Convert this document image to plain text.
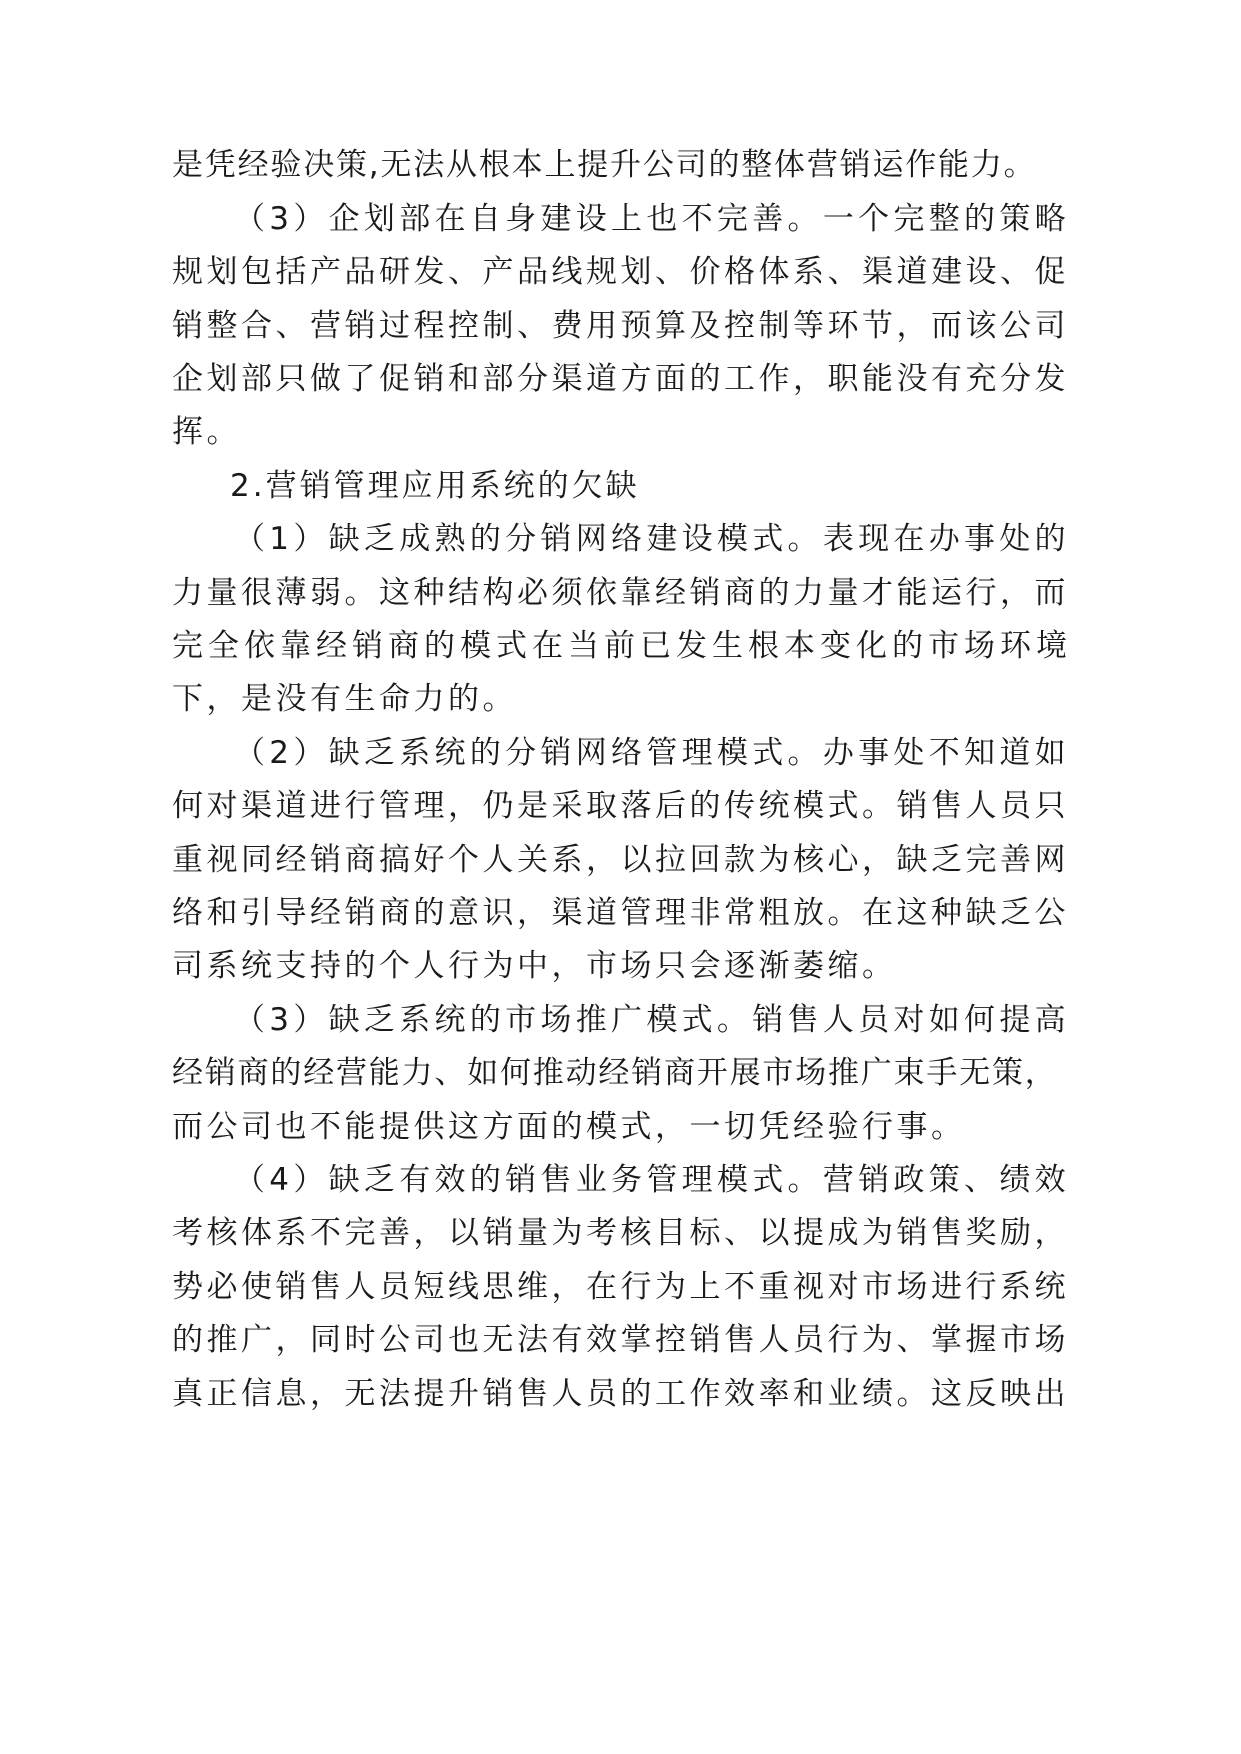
是凭经验决策,无法从根本上提升公司的整体营销运作能力。

（3）企划部在自身建设上也不完善。一个完整的策略

规划包括产品研发、产品线规划、价格体系、渠道建设、促

销整合、营销过程控制、费用预算及控制等环节，而该公司

企划部只做了促销和部分渠道方面的工作，职能没有充分发

挥。

2.营销管理应用系统的欠缺

（1）缺乏成熟的分销网络建设模式。表现在办事处的

力量很薄弱。这种结构必须依靠经销商的力量才能运行，而

完全依靠经销商的模式在当前已发生根本变化的市场环境

下，是没有生命力的。

（2）缺乏系统的分销网络管理模式。办事处不知道如

何对渠道进行管理，仍是采取落后的传统模式。销售人员只

重视同经销商搞好个人关系，以拉回款为核心，缺乏完善网

络和引导经销商的意识，渠道管理非常粗放。在这种缺乏公

司系统支持的个人行为中，市场只会逐渐萎缩。

（3）缺乏系统的市场推广模式。销售人员对如何提高

经销商的经营能力、如何推动经销商开展市场推广束手无策，

而公司也不能提供这方面的模式，一切凭经验行事。

（4）缺乏有效的销售业务管理模式。营销政策、绩效

考核体系不完善，以销量为考核目标、以提成为销售奖励，

势必使销售人员短线思维，在行为上不重视对市场进行系统

的推广，同时公司也无法有效掌控销售人员行为、掌握市场

真正信息，无法提升销售人员的工作效率和业绩。这反映出
